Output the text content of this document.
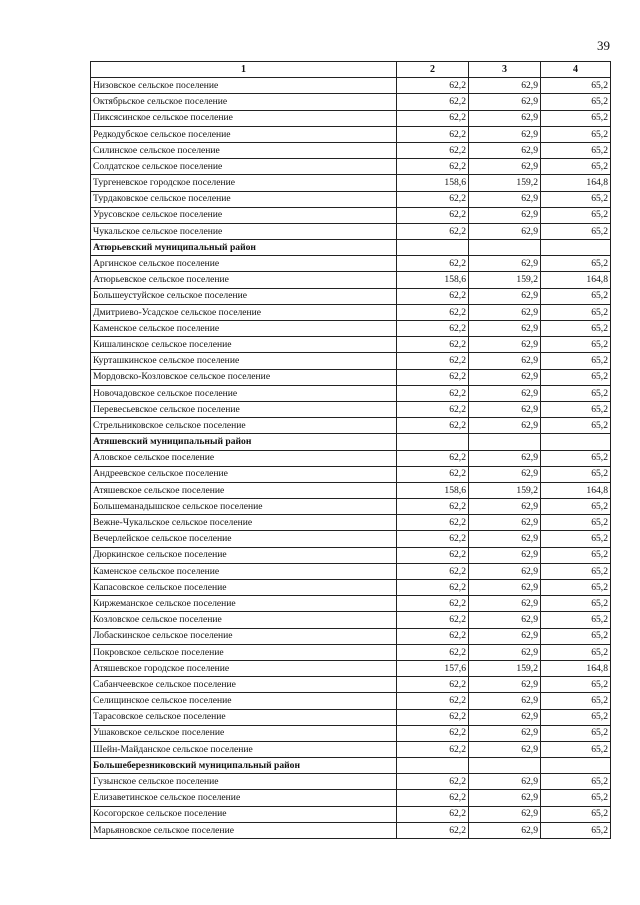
39
1	2	3	4
Низовское сельское поселение	62,2	62,9	65,2
Октябрьское сельское поселение	62,2	62,9	65,2
Пиксясинское сельское поселение	62,2	62,9	65,2
Редкодубское сельское поселение	62,2	62,9	65,2
Силинское сельское поселение	62,2	62,9	65,2
Солдатское сельское поселение	62,2	62,9	65,2
Тургеневское городское поселение	158,6	159,2	164,8
Турдаковское сельское поселение	62,2	62,9	65,2
Урусовское сельское поселение	62,2	62,9	65,2
Чукальское сельское поселение	62,2	62,9	65,2
Атюрьевский муниципальный район			
Аргинское сельское поселение	62,2	62,9	65,2
Атюрьевское сельское поселение	158,6	159,2	164,8
Большеустуйское сельское поселение	62,2	62,9	65,2
Дмитриево-Усадское сельское поселение	62,2	62,9	65,2
Каменское сельское поселение	62,2	62,9	65,2
Кишалинское сельское поселение	62,2	62,9	65,2
Курташкинское сельское поселение	62,2	62,9	65,2
Мордовско-Козловское сельское поселение	62,2	62,9	65,2
Новочадовское сельское поселение	62,2	62,9	65,2
Перевесьевское сельское поселение	62,2	62,9	65,2
Стрельниковское сельское поселение	62,2	62,9	65,2
Атяшевский муниципальный район			
Аловское сельское поселение	62,2	62,9	65,2
Андреевское сельское поселение	62,2	62,9	65,2
Атяшевское сельское поселение	158,6	159,2	164,8
Большеманадышское сельское поселение	62,2	62,9	65,2
Вежне-Чукальское сельское поселение	62,2	62,9	65,2
Вечерлейское сельское поселение	62,2	62,9	65,2
Дюркинское сельское поселение	62,2	62,9	65,2
Каменское сельское поселение	62,2	62,9	65,2
Капасовское сельское поселение	62,2	62,9	65,2
Киржеманское сельское поселение	62,2	62,9	65,2
Козловское сельское поселение	62,2	62,9	65,2
Лобаскинское сельское поселение	62,2	62,9	65,2
Покровское сельское поселение	62,2	62,9	65,2
Атяшевское городское поселение	157,6	159,2	164,8
Сабанчеевское сельское поселение	62,2	62,9	65,2
Селищинское сельское поселение	62,2	62,9	65,2
Тарасовское сельское поселение	62,2	62,9	65,2
Ушаковское сельское поселение	62,2	62,9	65,2
Шейн-Майданское сельское поселение	62,2	62,9	65,2
Большеберезниковский муниципальный район			
Гузынское сельское поселение	62,2	62,9	65,2
Елизаветинское сельское поселение	62,2	62,9	65,2
Косогорское сельское поселение	62,2	62,9	65,2
Марьяновское сельское поселение	62,2	62,9	65,2
